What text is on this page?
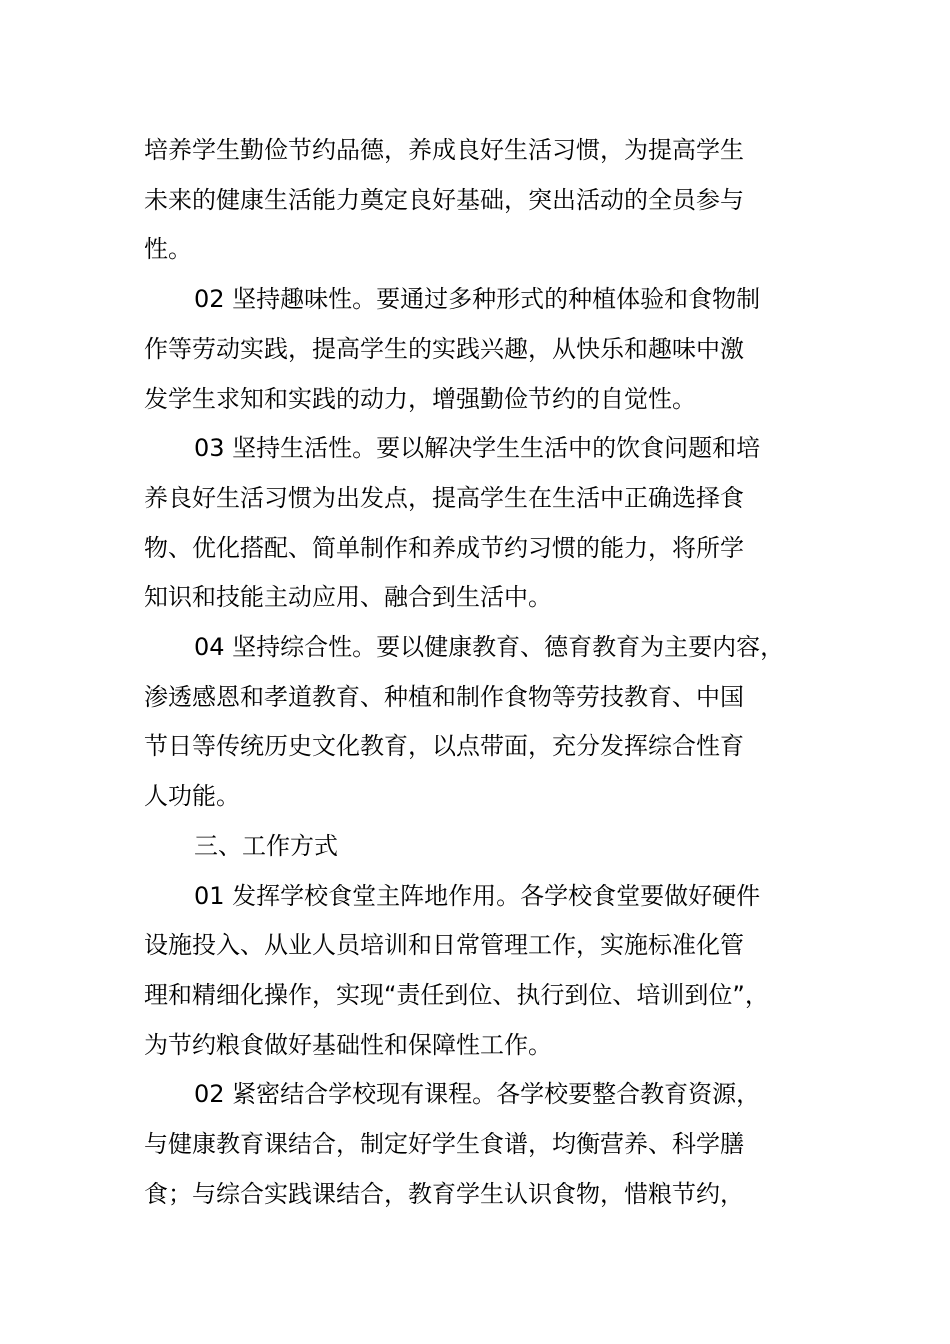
培养学生勤俭节约品德，养成良好生活习惯，为提高学生
未来的健康生活能力奠定良好基础，突出活动的全员参与
性。
02 坚持趣味性。要通过多种形式的种植体验和食物制
作等劳动实践，提高学生的实践兴趣，从快乐和趣味中激
发学生求知和实践的动力，增强勤俭节约的自觉性。
03 坚持生活性。要以解决学生生活中的饮食问题和培
养良好生活习惯为出发点，提高学生在生活中正确选择食
物、优化搭配、简单制作和养成节约习惯的能力，将所学
知识和技能主动应用、融合到生活中。
04 坚持综合性。要以健康教育、德育教育为主要内容，
渗透感恩和孝道教育、种植和制作食物等劳技教育、中国
节日等传统历史文化教育，以点带面，充分发挥综合性育
人功能。
三、工作方式
01 发挥学校食堂主阵地作用。各学校食堂要做好硬件
设施投入、从业人员培训和日常管理工作，实施标准化管
理和精细化操作，实现“责任到位、执行到位、培训到位”，
为节约粮食做好基础性和保障性工作。
02 紧密结合学校现有课程。各学校要整合教育资源，
与健康教育课结合，制定好学生食谱，均衡营养、科学膳
食；与综合实践课结合，教育学生认识食物，惜粮节约，
